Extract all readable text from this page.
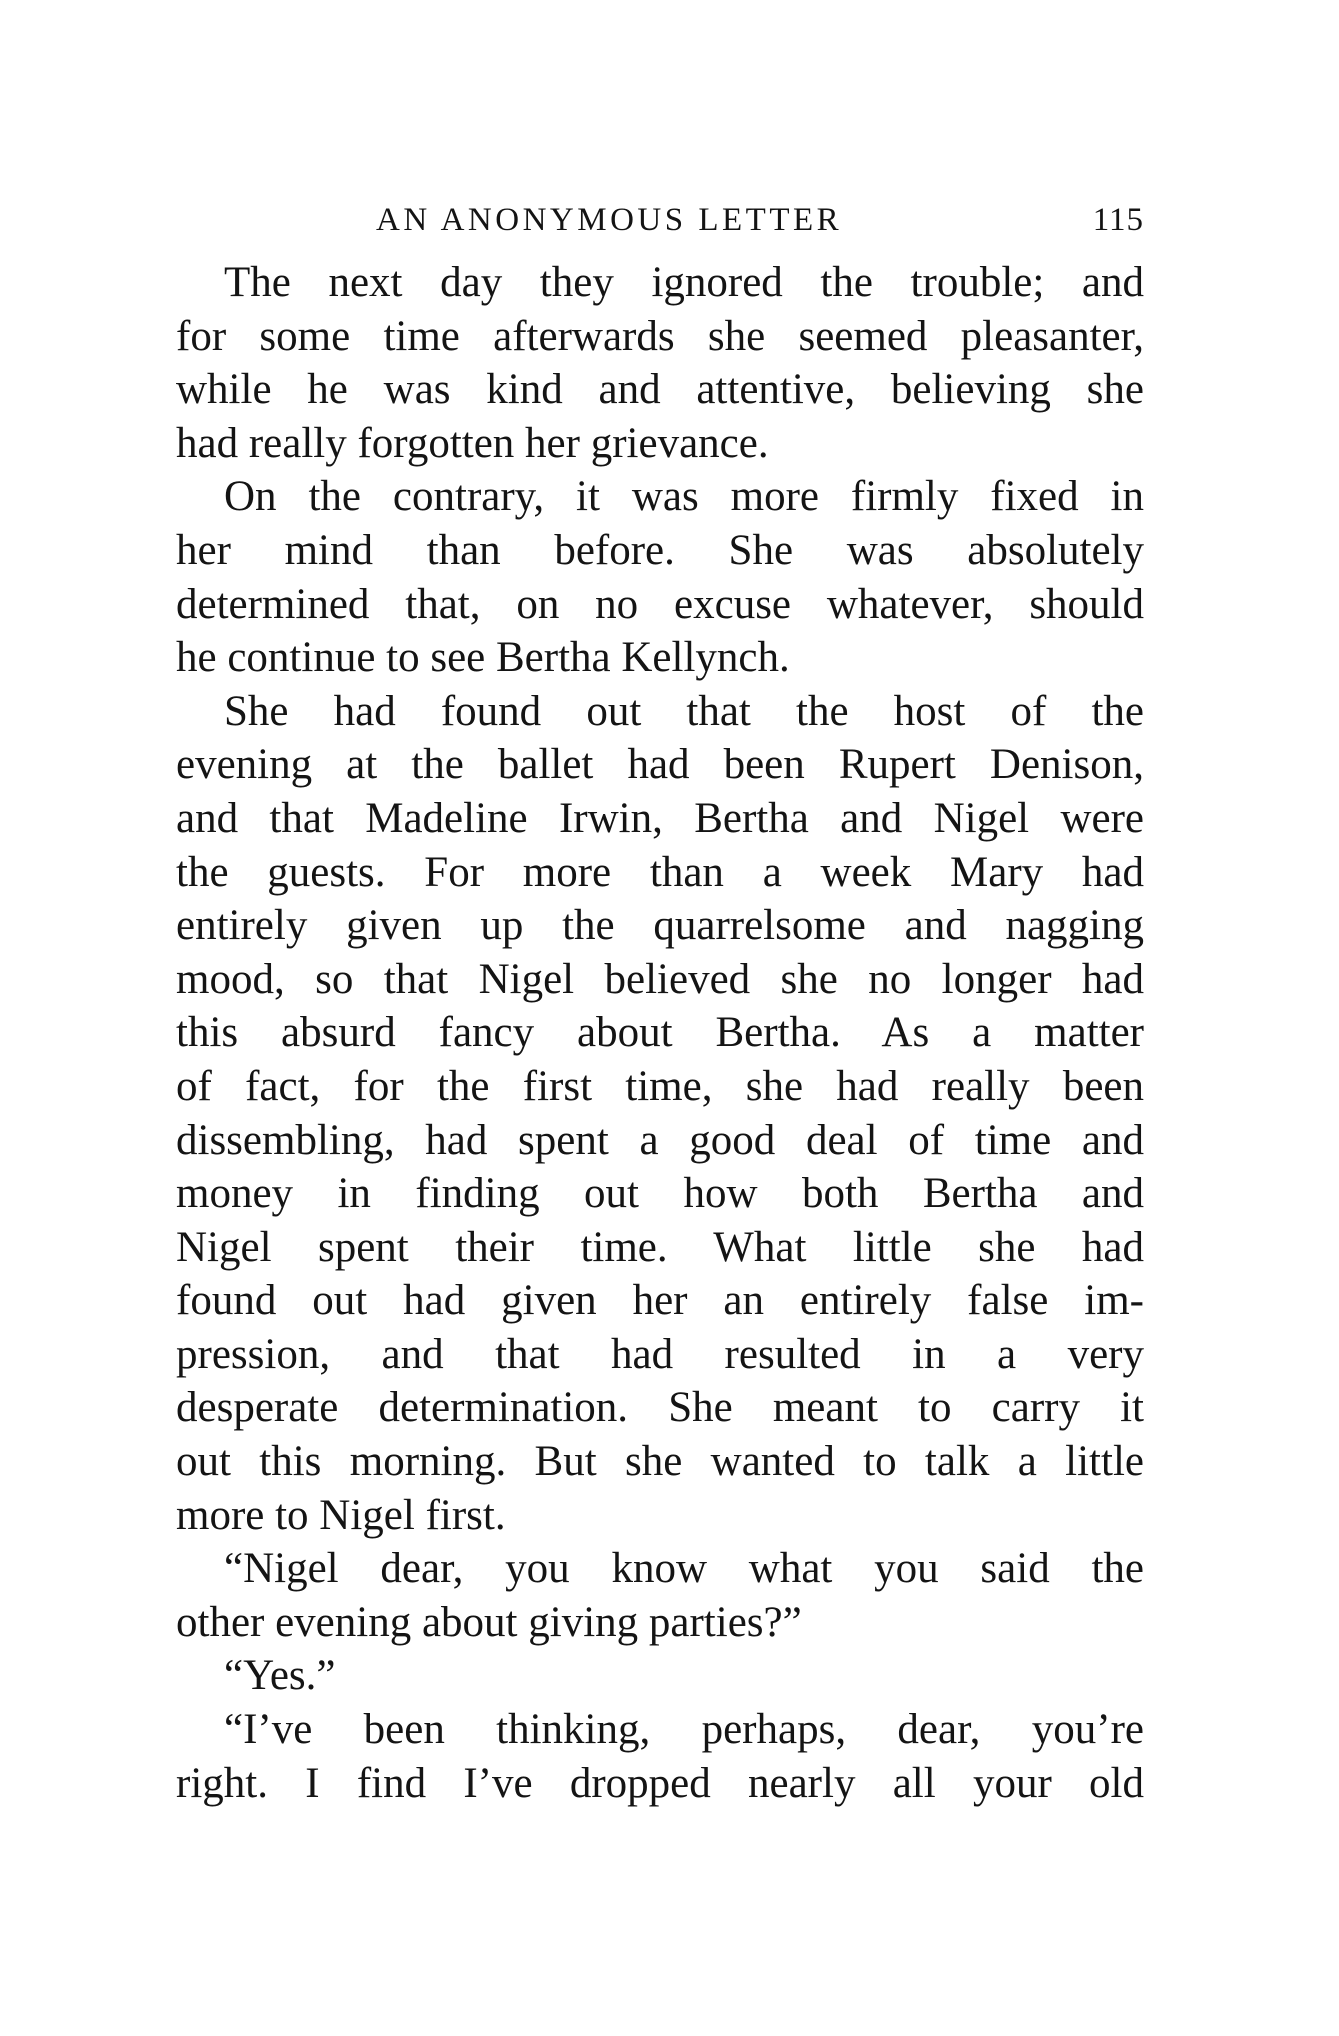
AN ANONYMOUS LETTER	115
The next day they ignored the trouble; and
for some time afterwards she seemed pleasanter,
while he was kind and attentive, believing she
had really forgotten her grievance.
On the contrary, it was more firmly fixed in
her mind than before. She was absolutely
determined that, on no excuse whatever, should
he continue to see Bertha Kellynch.
She had found out that the host of the
evening at the ballet had been Rupert Denison,
and that Madeline Irwin, Bertha and Nigel were
the guests. For more than a week Mary had
entirely given up the quarrelsome and nagging
mood, so that Nigel believed she no longer had
this absurd fancy about Bertha. As a matter
of fact, for the first time, she had really been
dissembling, had spent a good deal of time and
money in finding out how both Bertha and
Nigel spent their time. What little she had
found out had given her an entirely false im-
pression, and that had resulted in a very
desperate determination. She meant to carry it
out this morning. But she wanted to talk a little
more to Nigel first.
“Nigel dear, you know what you said the
other evening about giving parties?”
“Yes.”
“I’ve been thinking, perhaps, dear, you’re
right. I find I’ve dropped nearly all your old
